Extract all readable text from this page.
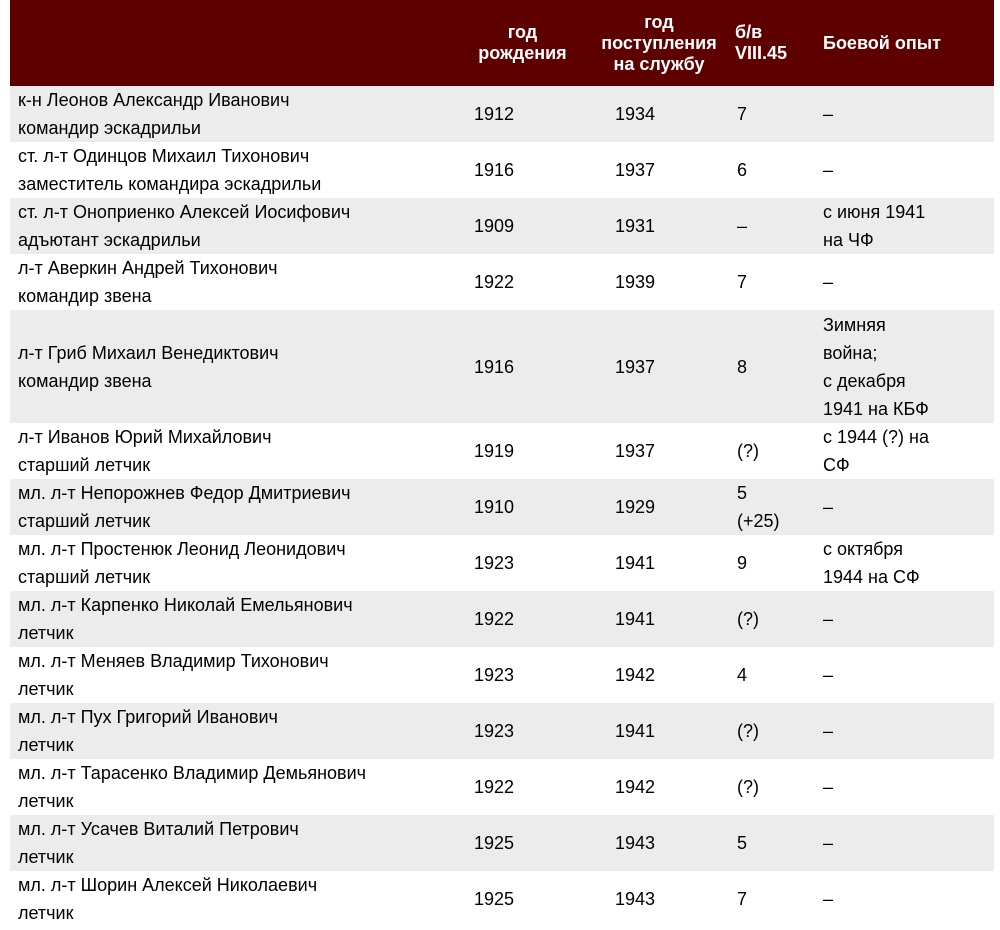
	год
рождения	год
поступления
на службу	б/в
VIII.45	Боевой опыт

к-н Леонов Александр Иванович
командир эскадрильи	1912	1934	7	–

ст. л-т Одинцов Михаил Тихонович
заместитель командира эскадрильи	1916	1937	6	–

ст. л-т Оноприенко Алексей Иосифович
адъютант эскадрильи	1909	1931	–	с июня 1941
на ЧФ

л-т Аверкин Андрей Тихонович
командир звена	1922	1939	7	–

л-т Гриб Михаил Венедиктович
командир звена	1916	1937	8	Зимняя
война;
с декабря
1941 на КБФ

л-т Иванов Юрий Михайлович
старший летчик	1919	1937	(?)	с 1944 (?) на
СФ

мл. л-т Непорожнев Федор Дмитриевич
старший летчик	1910	1929	5
(+25)	–

мл. л-т Простенюк Леонид Леонидович
старший летчик	1923	1941	9	с октября
1944 на СФ

мл. л-т Карпенко Николай Емельянович
летчик	1922	1941	(?)	–

мл. л-т Меняев Владимир Тихонович
летчик	1923	1942	4	–

мл. л-т Пух Григорий Иванович
летчик	1923	1941	(?)	–

мл. л-т Тарасенко Владимир Демьянович
летчик	1922	1942	(?)	–

мл. л-т Усачев Виталий Петрович
летчик	1925	1943	5	–

мл. л-т Шорин Алексей Николаевич
летчик	1925	1943	7	–
